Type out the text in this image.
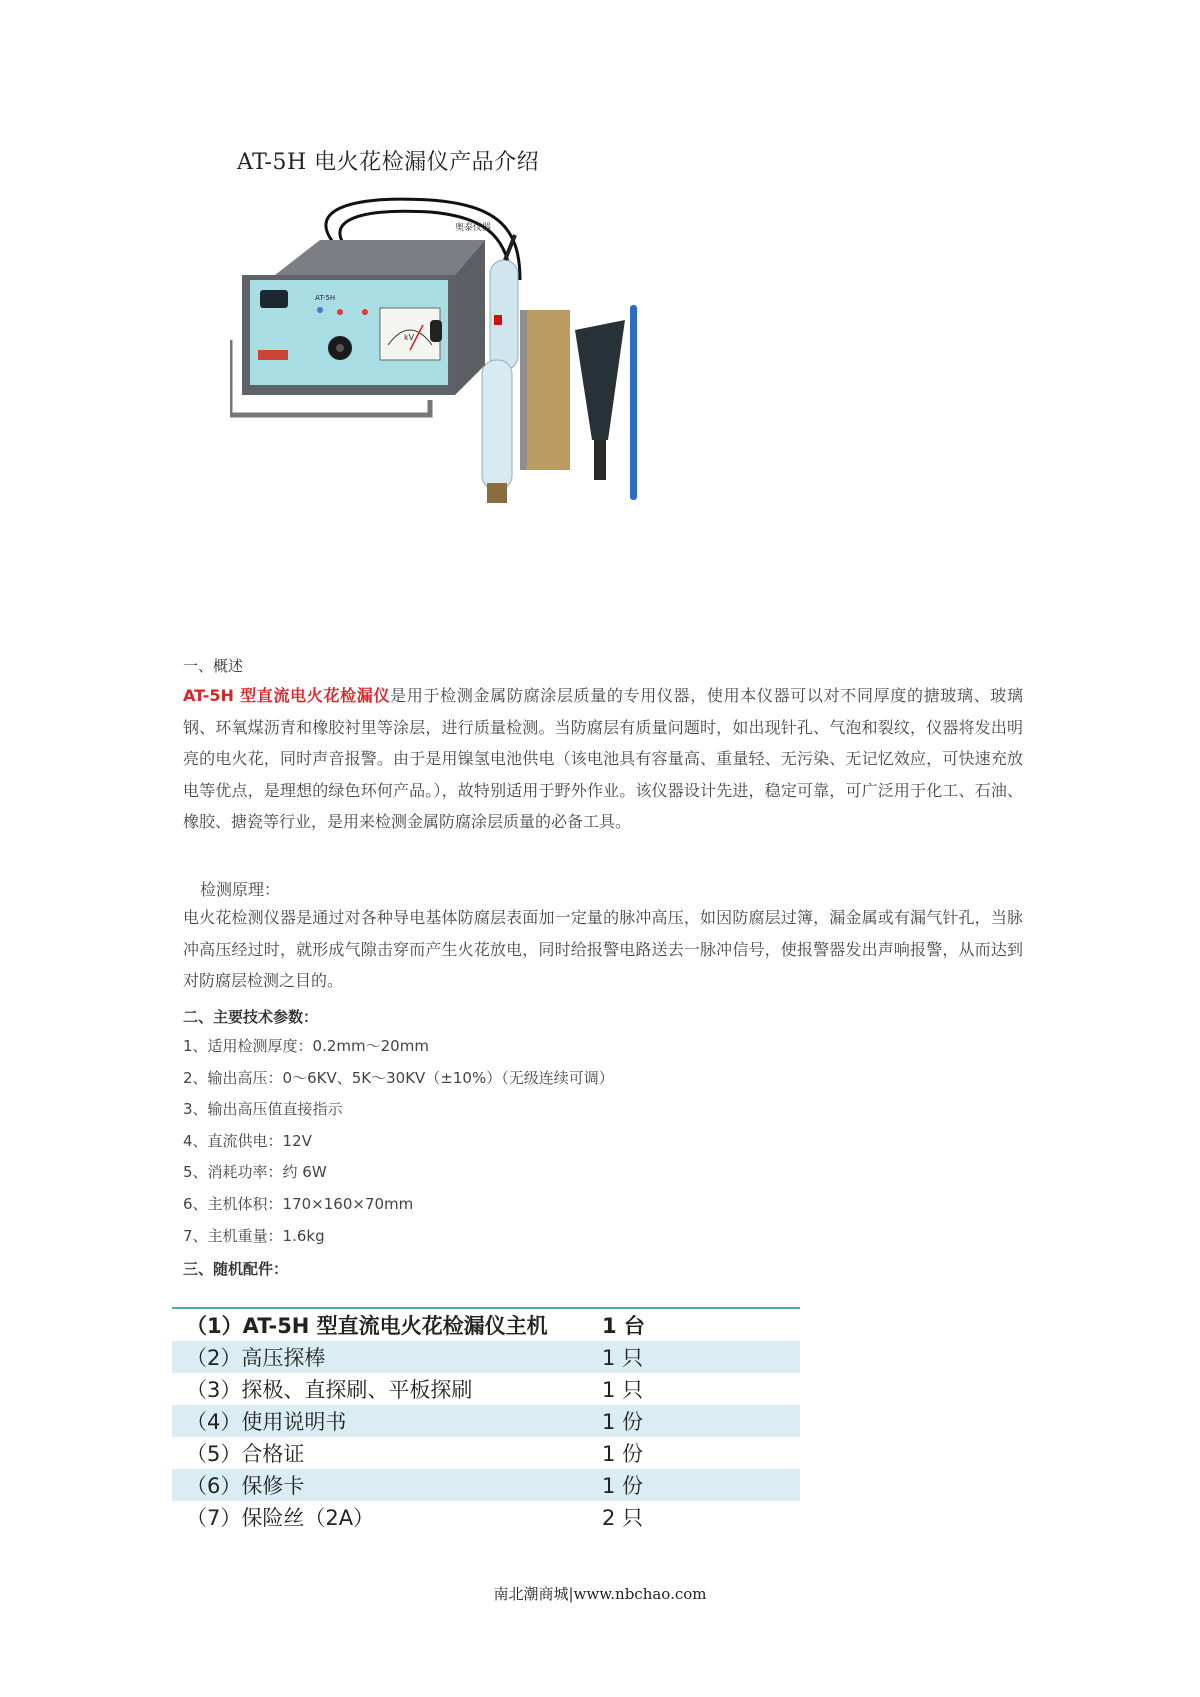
AT-5H 电火花检漏仪产品介绍
AT-5H
kV
奥泰仪器
一、概述
AT-5H 型直流电火花检漏仪是用于检测金属防腐涂层质量的专用仪器，使用本仪器可以对不同厚度的搪玻璃、玻璃钢、环氧煤沥青和橡胶衬里等涂层，进行质量检测。当防腐层有质量问题时，如出现针孔、气泡和裂纹，仪器将发出明亮的电火花，同时声音报警。由于是用镍氢电池供电（该电池具有容量高、重量轻、无污染、无记忆效应，可快速充放电等优点，是理想的绿色环何产品。），故特别适用于野外作业。该仪器设计先进，稳定可靠，可广泛用于化工、石油、橡胶、搪瓷等行业，是用来检测金属防腐涂层质量的必备工具。
检测原理：
电火花检测仪器是通过对各种导电基体防腐层表面加一定量的脉冲高压，如因防腐层过簿，漏金属或有漏气针孔，当脉冲高压经过时，就形成气隙击穿而产生火花放电，同时给报警电路送去一脉冲信号，使报警器发出声响报警，从而达到对防腐层检测之目的。
二、主要技术参数：
1、适用检测厚度：0.2mm～20mm
2、输出高压：0～6KV、5K～30KV（±10%）（无级连续可调）
3、输出高压值直接指示
4、直流供电：12V
5、消耗功率：约 6W
6、主机体积：170×160×70mm
7、主机重量：1.6kg
三、随机配件：
（1）AT-5H 型直流电火花检漏仪主机	1 台
（2）高压探棒	1 只
（3）探极、直探刷、平板探刷	1 只
（4）使用说明书	1 份
（5）合格证	1 份
（6）保修卡	1 份
（7）保险丝（2A）	2 只
南北潮商城|www.nbchao.com
